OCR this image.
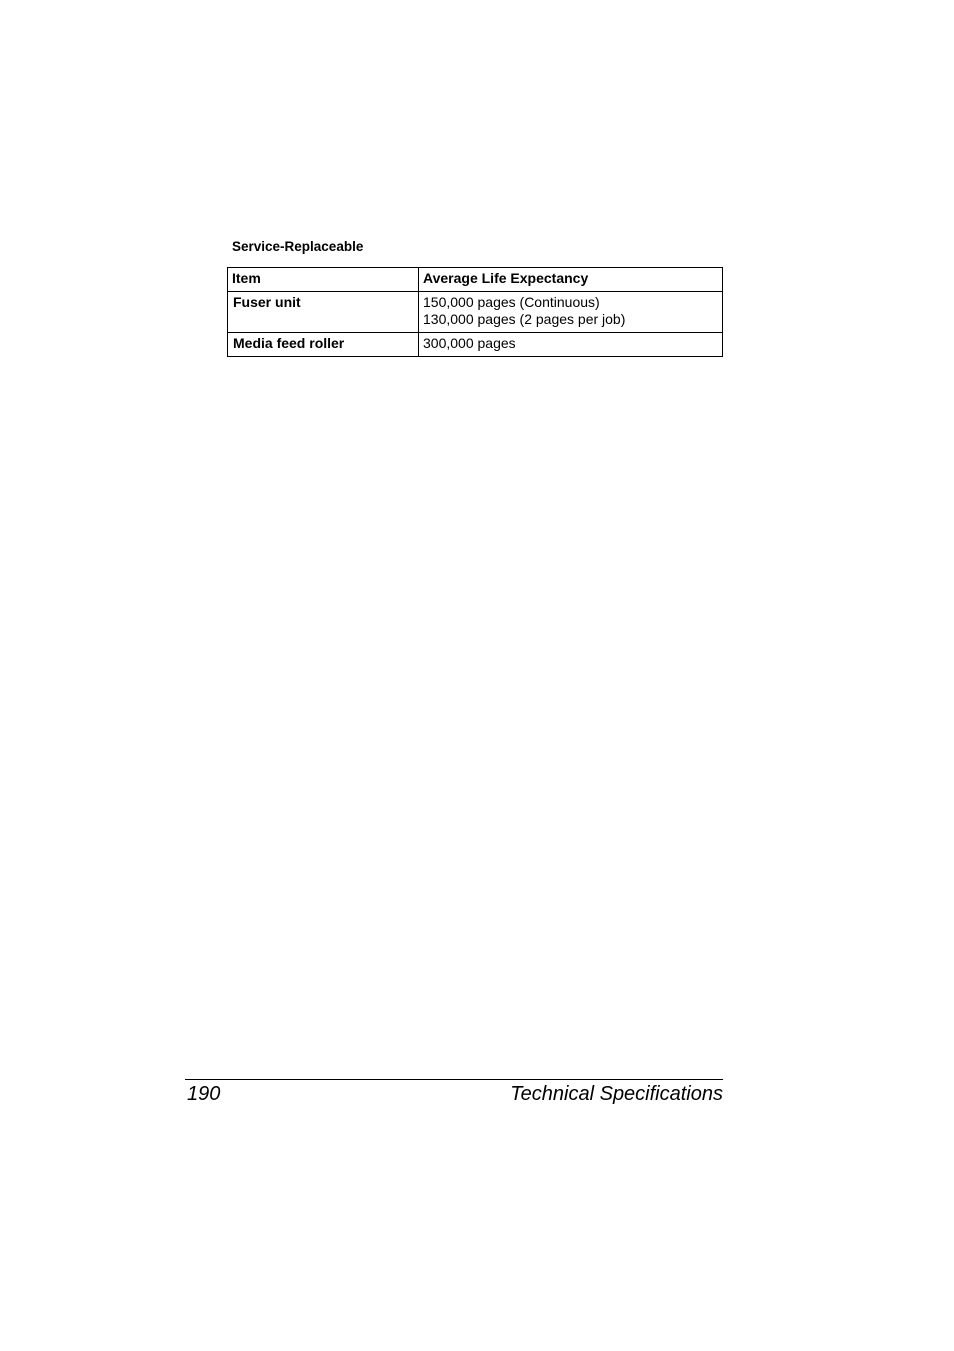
Service-Replaceable

Item	Average Life Expectancy
Fuser unit	150,000 pages (Continuous)
130,000 pages (2 pages per job)

Media feed roller	300,000 pages
190	Technical Specifications
